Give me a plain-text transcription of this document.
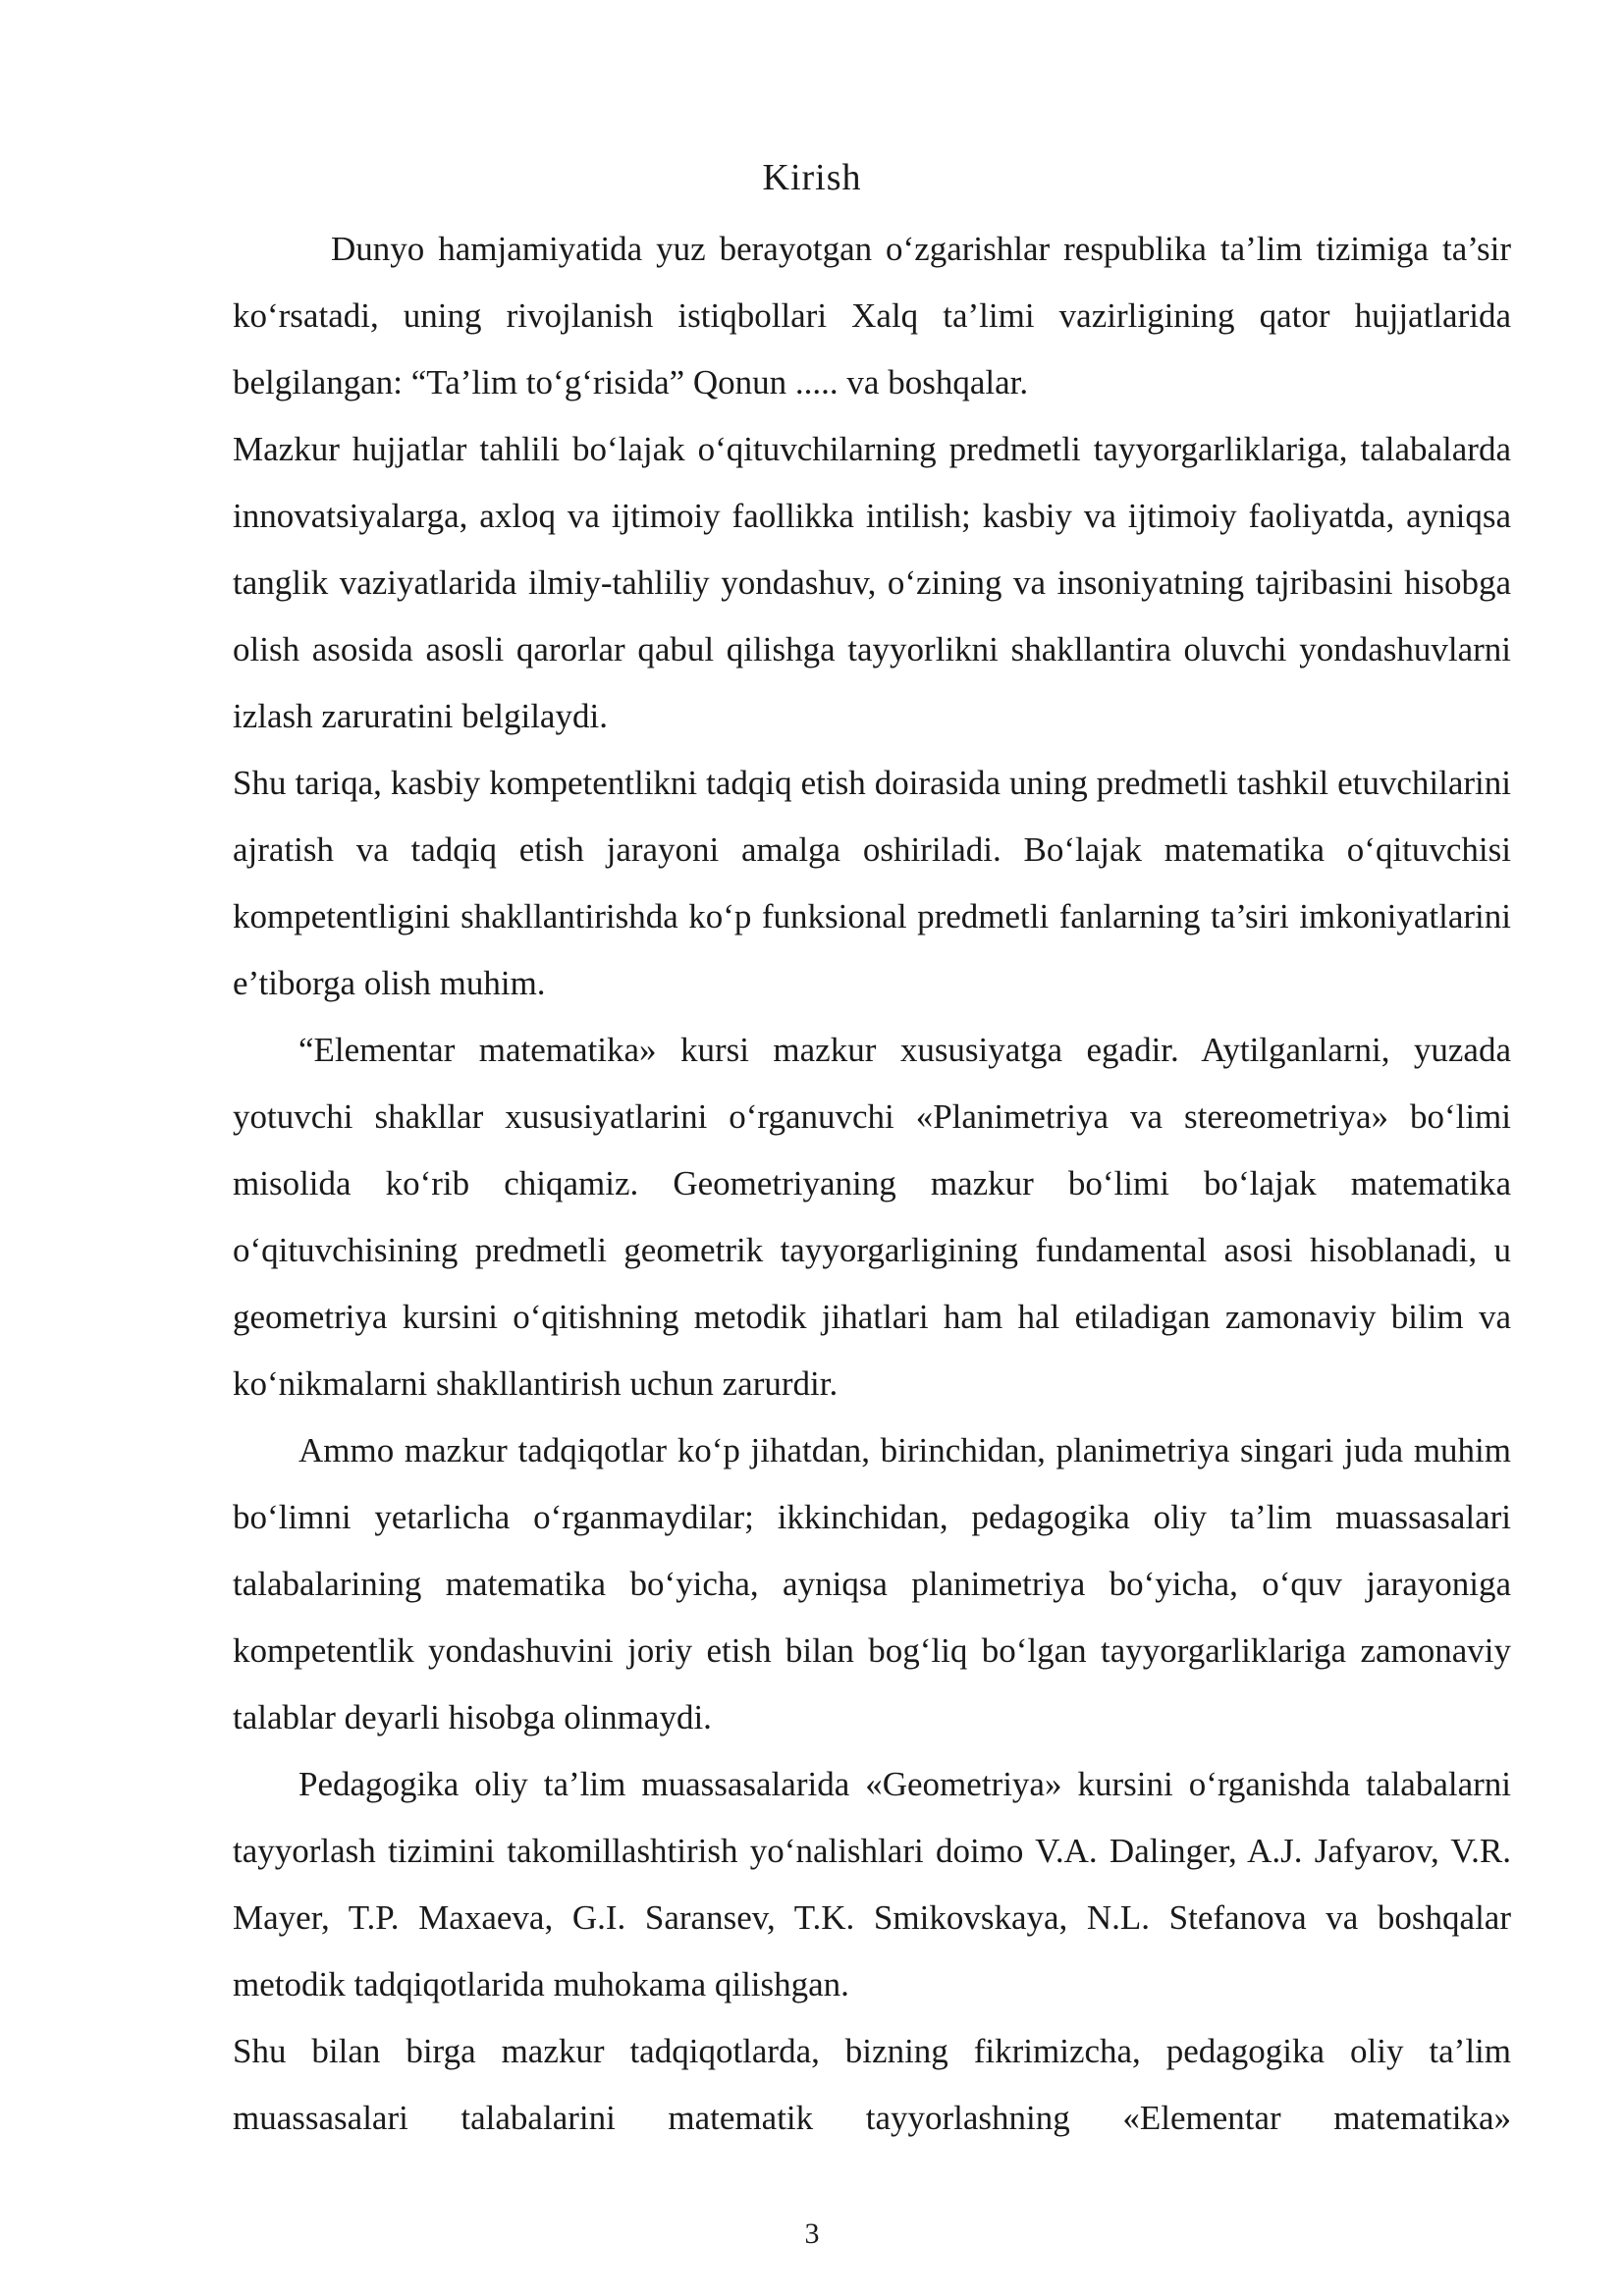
Kirish

Dunyo hamjamiyatida yuz berayotgan o‘zgarishlar respublika ta’lim tizimiga ta’sir ko‘rsatadi, uning rivojlanish istiqbollari Xalq ta’limi vazirligining qator hujjatlarida belgilangan: “Ta’lim to‘g‘risida” Qonun ..... va boshqalar.

Mazkur hujjatlar tahlili bo‘lajak o‘qituvchilarning predmetli tayyorgarliklariga, talabalarda innovatsiyalarga, axloq va ijtimoiy faollikka intilish; kasbiy va ijtimoiy faoliyatda, ayniqsa tanglik vaziyatlarida ilmiy-tahliliy yondashuv, o‘zining va insoniyatning tajribasini hisobga olish asosida asosli qarorlar qabul qilishga tayyorlikni shakllantira oluvchi yondashuvlarni izlash zaruratini belgilaydi.

Shu tariqa, kasbiy kompetentlikni tadqiq etish doirasida uning predmetli tashkil etuvchilarini ajratish va tadqiq etish jarayoni amalga oshiriladi. Bo‘lajak matematika o‘qituvchisi kompetentligini shakllantirishda ko‘p funksional predmetli fanlarning ta’siri imkoniyatlarini e’tiborga olish muhim.

“Elementar matematika» kursi mazkur xususiyatga egadir. Aytilganlarni, yuzada yotuvchi shakllar xususiyatlarini o‘rganuvchi «Planimetriya va stereometriya» bo‘limi misolida ko‘rib chiqamiz. Geometriyaning mazkur bo‘limi bo‘lajak matematika o‘qituvchisining predmetli geometrik tayyorgarligining fundamental asosi hisoblanadi, u geometriya kursini o‘qitishning metodik jihatlari ham hal etiladigan zamonaviy bilim va ko‘nikmalarni shakllantirish uchun zarurdir.

Ammo mazkur tadqiqotlar ko‘p jihatdan, birinchidan, planimetriya singari juda muhim bo‘limni yetarlicha o‘rganmaydilar; ikkinchidan, pedagogika oliy ta’lim muassasalari talabalarining matematika bo‘yicha, ayniqsa planimetriya bo‘yicha, o‘quv jarayoniga kompetentlik yondashuvini joriy etish bilan bog‘liq bo‘lgan tayyorgarliklariga zamonaviy talablar deyarli hisobga olinmaydi.

Pedagogika oliy ta’lim muassasalarida «Geometriya» kursini o‘rganishda talabalarni tayyorlash tizimini takomillashtirish yo‘nalishlari doimo V.A. Dalinger, A.J. Jafyarov, V.R. Mayer, T.P. Maxaeva, G.I. Saransev, T.K. Smikovskaya, N.L. Stefanova va boshqalar metodik tadqiqotlarida muhokama qilishgan.

Shu bilan birga mazkur tadqiqotlarda, bizning fikrimizcha, pedagogika oliy ta’lim muassasalari talabalarini matematik tayyorlashning «Elementar matematika»

3
